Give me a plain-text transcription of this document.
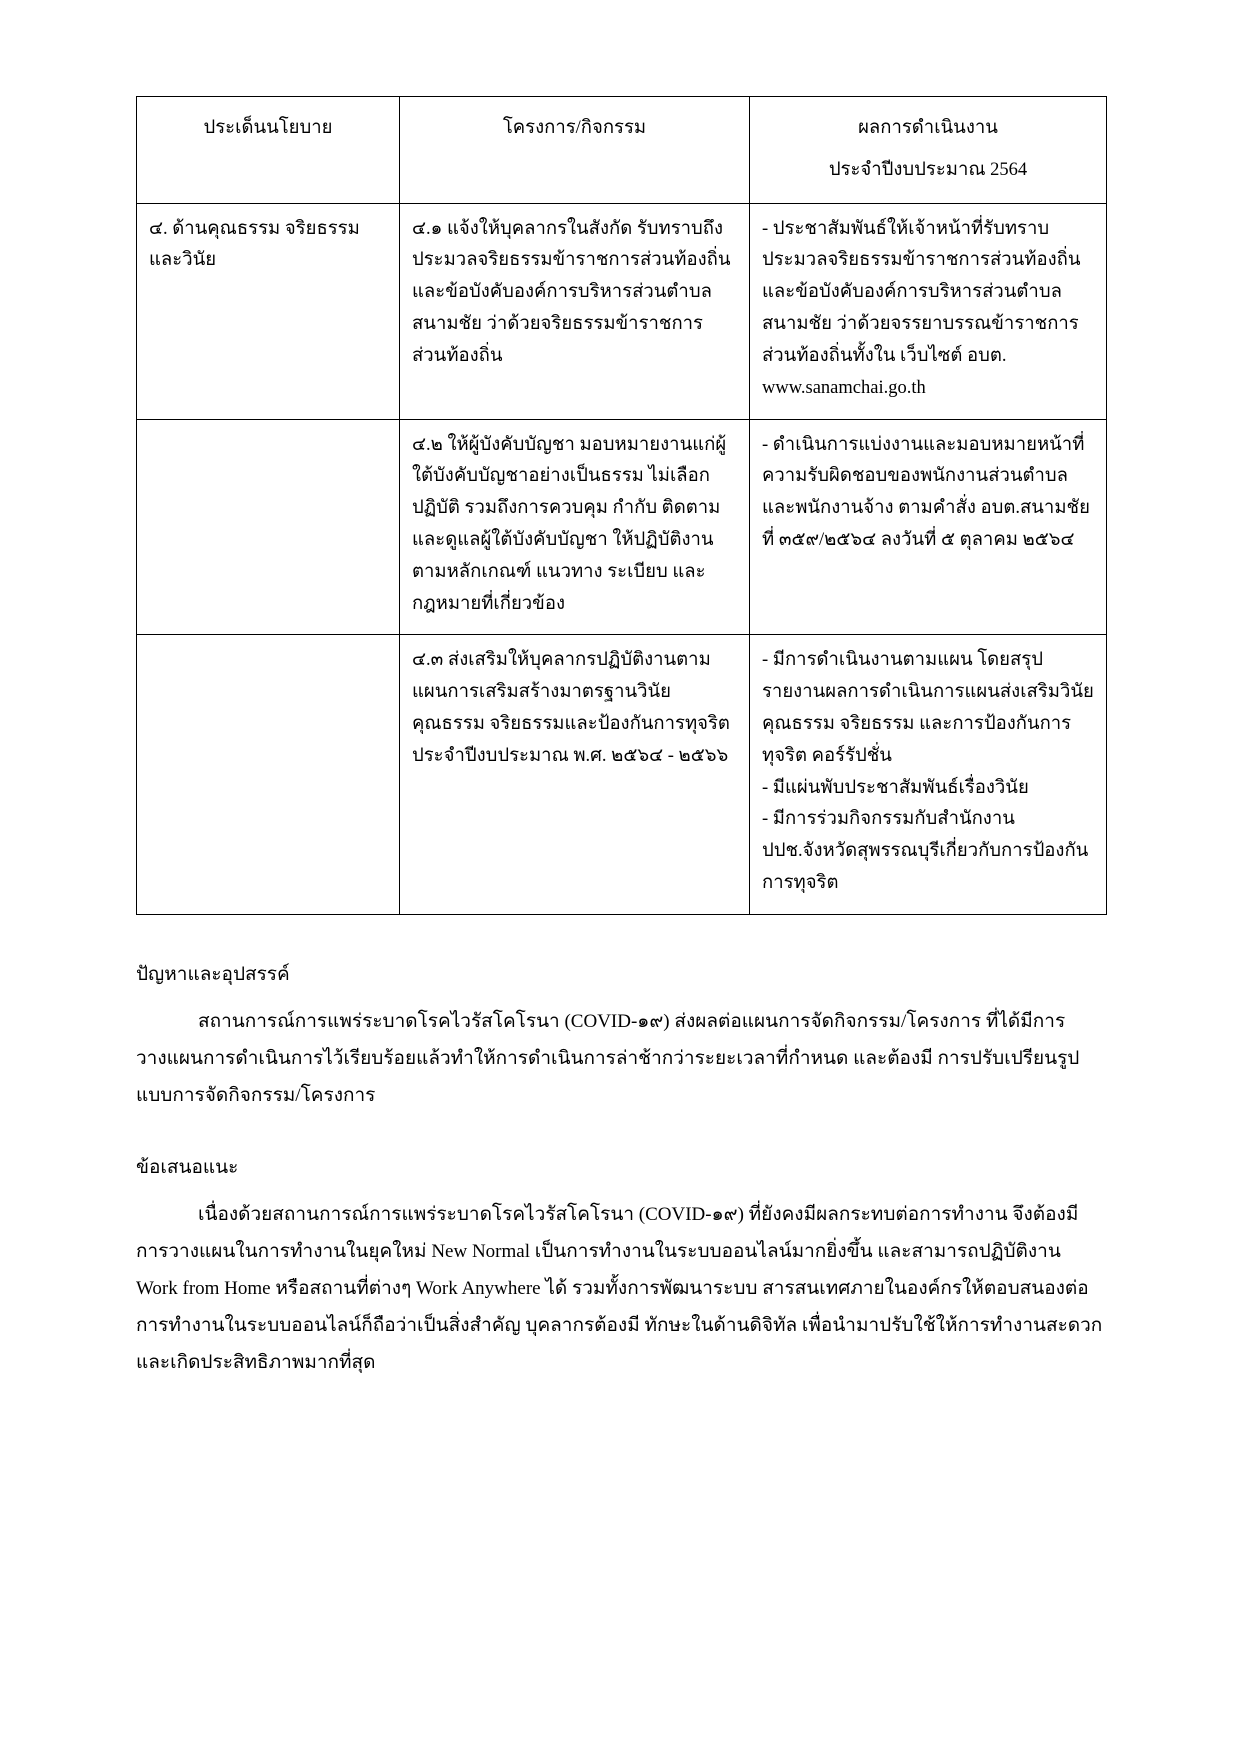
ประเด็นนโยบาย	โครงการ/กิจกรรม	ผลการดำเนินงาน
ประจำปีงบประมาณ 2564

๔. ด้านคุณธรรม จริยธรรม และวินัย	๔.๑ แจ้งให้บุคลากรในสังกัด รับทราบถึงประมวลจริยธรรมข้าราชการส่วนท้องถิ่น และข้อบังคับองค์การบริหารส่วนตำบลสนามชัย ว่าด้วยจริยธรรมข้าราชการส่วนท้องถิ่น	- ประชาสัมพันธ์ให้เจ้าหน้าที่รับทราบประมวลจริยธรรมข้าราชการส่วนท้องถิ่น และข้อบังคับองค์การบริหารส่วนตำบลสนามชัย ว่าด้วยจรรยาบรรณข้าราชการส่วนท้องถิ่นทั้งใน เว็บไซต์ อบต. www.sanamchai.go.th
	๔.๒ ให้ผู้บังคับบัญชา มอบหมายงานแก่ผู้ใต้บังคับบัญชาอย่างเป็นธรรม ไม่เลือกปฏิบัติ รวมถึงการควบคุม กำกับ ติดตาม และดูแลผู้ใต้บังคับบัญชา ให้ปฏิบัติงานตามหลักเกณฑ์ แนวทาง ระเบียบ และกฎหมายที่เกี่ยวข้อง	- ดำเนินการแบ่งงานและมอบหมายหน้าที่ความรับผิดชอบของพนักงานส่วนตำบลและพนักงานจ้าง ตามคำสั่ง อบต.สนามชัยที่ ๓๕๙/๒๕๖๔ ลงวันที่ ๕ ตุลาคม ๒๕๖๔
	๔.๓ ส่งเสริมให้บุคลากรปฏิบัติงานตามแผนการเสริมสร้างมาตรฐานวินัยคุณธรรม จริยธรรมและป้องกันการทุจริตประจำปีงบประมาณ พ.ศ. ๒๕๖๔ - ๒๕๖๖	- มีการดำเนินงานตามแผน โดยสรุปรายงานผลการดำเนินการแผนส่งเสริมวินัย คุณธรรม จริยธรรม และการป้องกันการทุจริต คอร์รัปชั่น

- มีแผ่นพับประชาสัมพันธ์เรื่องวินัย

- มีการร่วมกิจกรรมกับสำนักงาน ปปช.จังหวัดสุพรรณบุรีเกี่ยวกับการป้องกันการทุจริต

ปัญหาและอุปสรรค์

สถานการณ์การแพร่ระบาดโรคไวรัสโคโรนา (COVID-๑๙) ส่งผลต่อแผนการจัดกิจกรรม/โครงการ ที่ได้มีการวางแผนการดำเนินการไว้เรียบร้อยแล้วทำให้การดำเนินการล่าช้ากว่าระยะเวลาที่กำหนด และต้องมี การปรับเปรียนรูปแบบการจัดกิจกรรม/โครงการ

ข้อเสนอแนะ

เนื่องด้วยสถานการณ์การแพร่ระบาดโรคไวรัสโคโรนา (COVID-๑๙) ที่ยังคงมีผลกระทบต่อการทำงาน จึงต้องมีการวางแผนในการทำงานในยุคใหม่ New Normal เป็นการทำงานในระบบออนไลน์มากยิ่งขึ้น และสามารถปฏิบัติงาน Work from Home หรือสถานที่ต่างๆ Work Anywhere ได้ รวมทั้งการพัฒนาระบบ สารสนเทศภายในองค์กรให้ตอบสนองต่อการทำงานในระบบออนไลน์ก็ถือว่าเป็นสิ่งสำคัญ บุคลากรต้องมี ทักษะในด้านดิจิทัล เพื่อนำมาปรับใช้ให้การทำงานสะดวก และเกิดประสิทธิภาพมากที่สุด
